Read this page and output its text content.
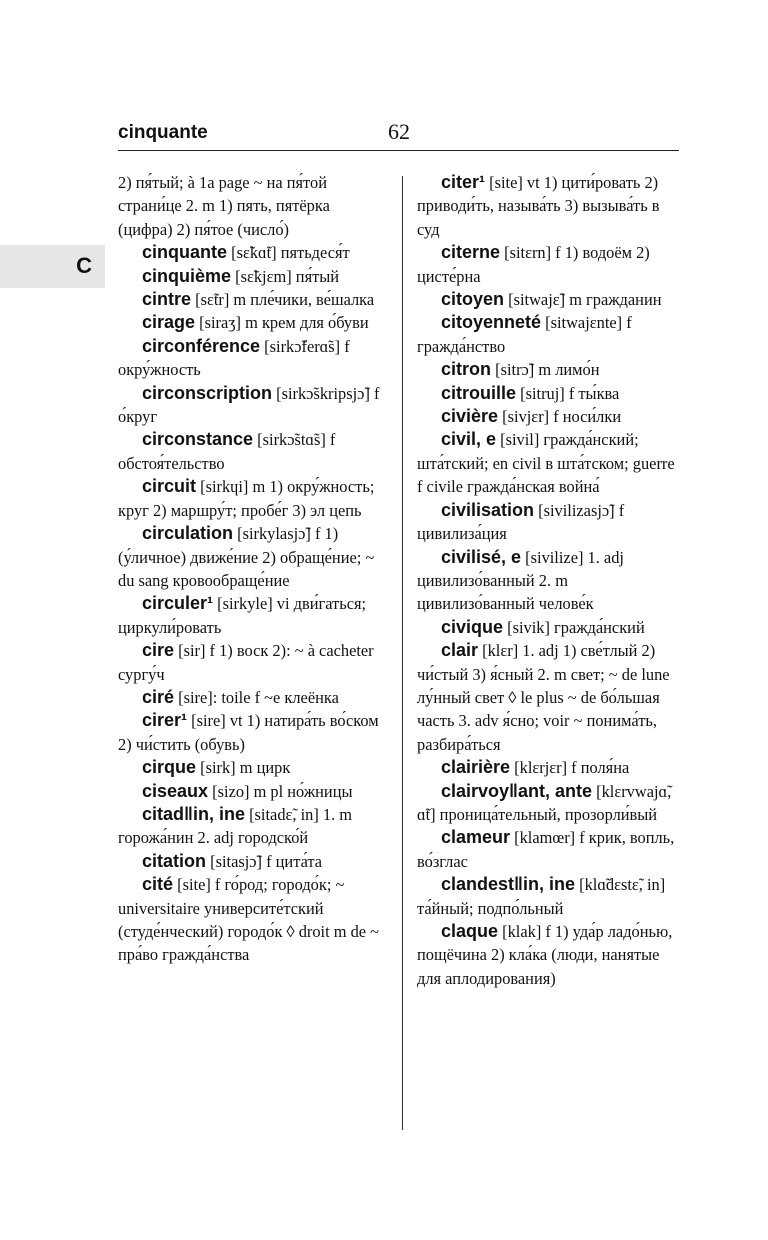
cinquante	62
C

2) пя́тый; à 1a page ~ на пя́той страни́це 2. m 1) пять, пятёрка (цифра) 2) пя́тое (число́)

cinquante [sɛ̃kɑ̃t] пятьдеся́т

cinquième [sɛ̃kjɛm] пя́тый

cintre [sɛ̃tr] m пле́чики, ве́шалка

cirage [siraʒ] m крем для о́буви

circonférence [sirkɔ̃ferɑ̃s] f окру́жность

circonscription [sirkɔ̃skripsjɔ̃] f о́круг

circonstance [sirkɔ̃stɑ̃s] f обстоя́тельство

circuit [sirkɥi] m 1) окру́жность; круг 2) маршру́т; пробе́г 3) эл цепь

circulation [sirkylasjɔ̃] f 1) (у́личное) движе́ние 2) обраще́ние; ~ du sang кровообраще́ние

circuler¹ [sirkyle] vi дви́гаться; циркули́ровать

cire [sir] f 1) воск 2): ~ à cacheter сургу́ч

ciré [sire]: toile f ~e клеёнка

cirer¹ [sire] vt 1) натира́ть во́ском 2) чи́стить (обувь)

cirque [sirk] m цирк

ciseaux [sizo] m pl но́жницы

citad‖in, ine [sitadɛ̃, in] 1. m горожа́нин 2. adj городско́й

citation [sitasjɔ̃] f цита́та

cité [site] f го́род; городо́к; ~ universitaire университе́тский (студе́нческий) городо́к ◊ droit m de ~ пра́во гражда́нства

citer¹ [site] vt 1) цити́ровать 2) приводи́ть, называ́ть 3) вызыва́ть в суд

citerne [sitɛrn] f 1) водоём 2) цисте́рна

citoyen [sitwajɛ̃] m гражданин

citoyenneté [sitwajɛnte] f гражда́нство

citron [sitrɔ̃] m лимо́н

citrouille [sitruj] f ты́ква

civière [sivjɛr] f носи́лки

civil, e [sivil] гражда́нский; шта́тский; en civil в шта́тском; guerre f civile гражда́нская война́

civilisation [sivilizasjɔ̃] f цивилиза́ция

civilisé, e [sivilize] 1. adj цивилизо́ванный 2. m цивилизо́ванный челове́к

civique [sivik] гражда́нский

clair [klɛr] 1. adj 1) све́тлый 2) чи́стый 3) я́сный 2. m свет; ~ de lune лу́нный свет ◊ le plus ~ de бо́льшая часть 3. adv я́сно; voir ~ понима́ть, разбира́ться

clairière [klɛrjɛr] f поля́на

clairvoy‖ant, ante [klɛrvwajɑ̃, ɑ̃t] проница́тельный, прозорли́вый

clameur [klamœr] f крик, вопль, во́зглас

clandest‖in, ine [klɑ̃dɛstɛ̃, in] та́йный; подпо́льный

claque [klak] f 1) уда́р ладо́нью, пощёчина 2) кла́ка (люди, нанятые для аплодирования)
